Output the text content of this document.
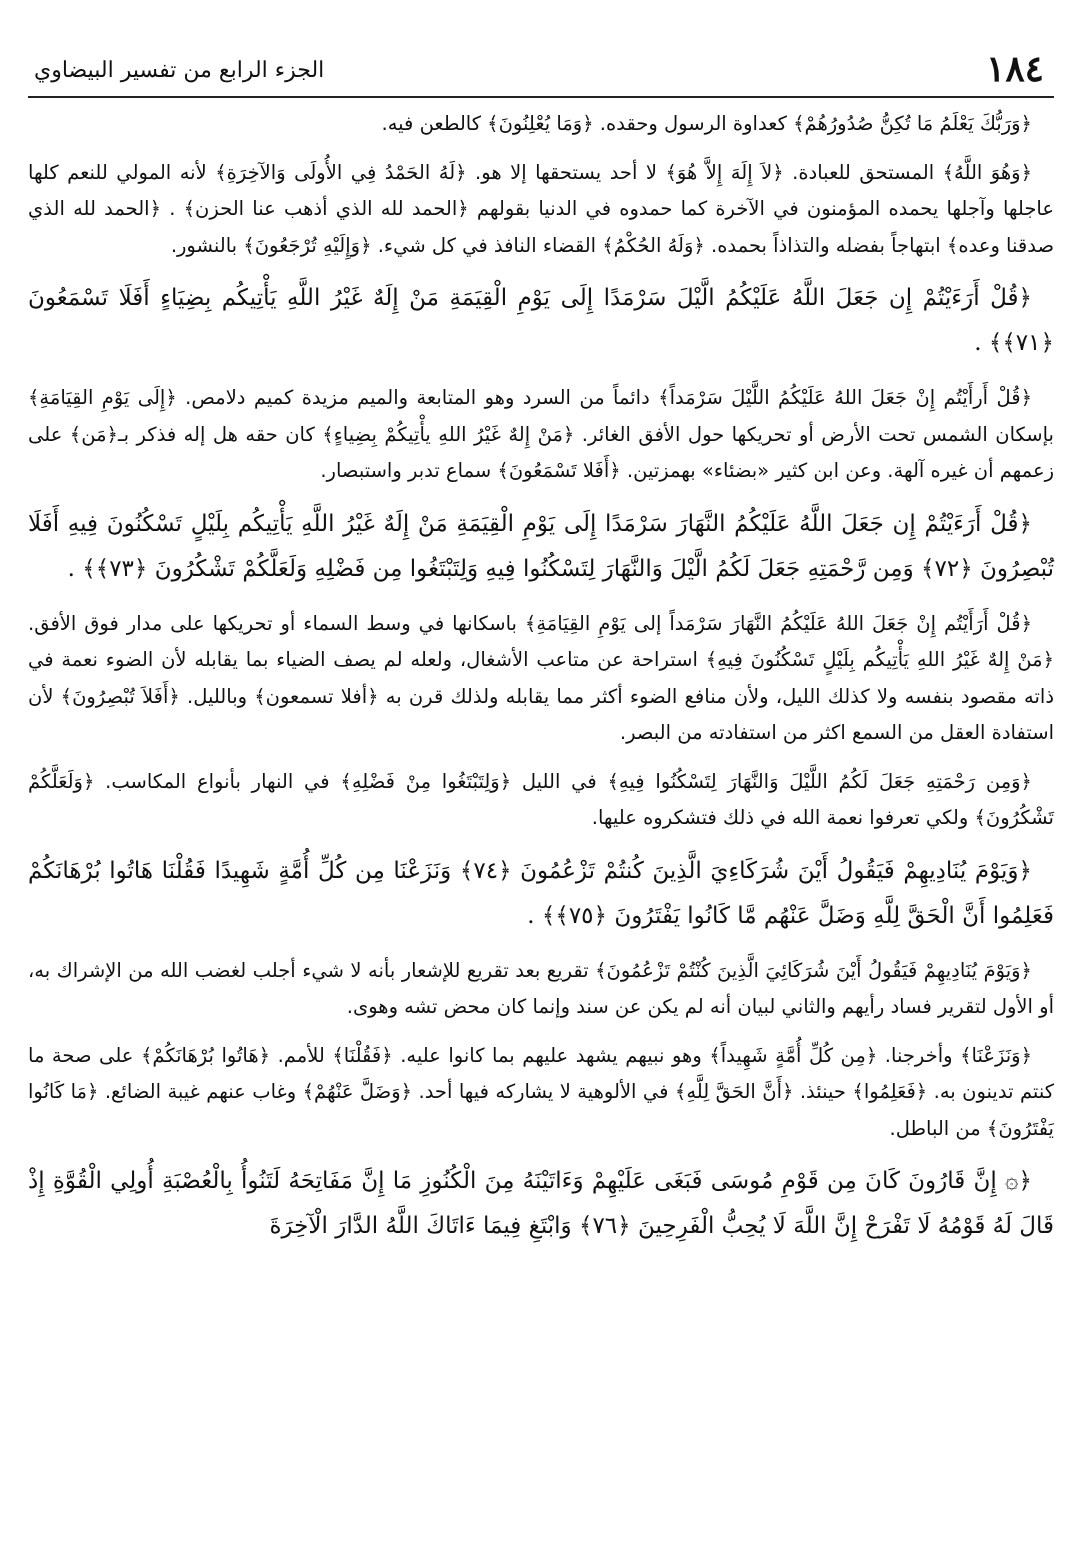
١٨٤
الجزء الرابع من تفسير البيضاوي

﴿وَرَبُّكَ يَعْلَمُ مَا تُكِنُّ صُدُورُهُمْ﴾ كعداوة الرسول وحقده. ﴿وَمَا يُعْلِنُونَ﴾ كالطعن فيه.

﴿وَهُوَ اللَّهُ﴾ المستحق للعبادة. ﴿لاَ إِلَهَ إِلاَّ هُوَ﴾ لا أحد يستحقها إلا هو. ﴿لَهُ الحَمْدُ فِي الأُولَى وَالآخِرَةِ﴾ لأنه المولي للنعم كلها عاجلها وآجلها يحمده المؤمنون في الآخرة كما حمدوه في الدنيا بقولهم ﴿الحمد لله الذي أذهب عنا الحزن﴾ . ﴿الحمد لله الذي صدقنا وعده﴾ ابتهاجاً بفضله والتذاذاً بحمده. ﴿وَلَهُ الحُكْمُ﴾ القضاء النافذ في كل شيء. ﴿وَإِلَيْهِ تُرْجَعُونَ﴾ بالنشور.

﴿قُلْ أَرَءَيْتُمْ إِن جَعَلَ اللَّهُ عَلَيْكُمُ الَّيْلَ سَرْمَدًا إِلَى يَوْمِ الْقِيَمَةِ مَنْ إِلَهٌ غَيْرُ اللَّهِ يَأْتِيكُم بِضِيَاءٍ أَفَلَا تَسْمَعُونَ ﴿٧١﴾﴾ .

﴿قُلْ أَرأَيْتُم إِنْ جَعَلَ اللهُ عَلَيْكُمُ اللَّيْلَ سَرْمَداً﴾ دائماً من السرد وهو المتابعة والميم مزيدة كميم دلامص. ﴿إِلَى يَوْمِ القِيَامَةِ﴾ بإسكان الشمس تحت الأرض أو تحريكها حول الأفق الغائر. ﴿مَنْ إِلهٌ غَيْرُ اللهِ يأْتِيكُمْ بِضِياءٍ﴾ كان حقه هل إله فذكر بـ﴿مَن﴾ على زعمهم أن غيره آلهة. وعن ابن كثير «بضئاء» بهمزتين. ﴿أَفَلا تَسْمَعُونَ﴾ سماع تدبر واستبصار.

﴿قُلْ أَرَءَيْتُمْ إِن جَعَلَ اللَّهُ عَلَيْكُمُ النَّهَارَ سَرْمَدًا إِلَى يَوْمِ الْقِيَمَةِ مَنْ إِلَهٌ غَيْرُ اللَّهِ يَأْتِيكُم بِلَيْلٍ تَسْكُنُونَ فِيهِ أَفَلَا تُبْصِرُونَ ﴿٧٢﴾ وَمِن رَّحْمَتِهِ جَعَلَ لَكُمُ الَّيْلَ وَالنَّهَارَ لِتَسْكُنُوا فِيهِ وَلِتَبْتَغُوا مِن فَضْلِهِ وَلَعَلَّكُمْ تَشْكُرُونَ ﴿٧٣﴾﴾ .

﴿قُلْ أَرَأَيْتُم إِنْ جَعَلَ اللهُ عَلَيْكُمُ النَّهَارَ سَرْمَداً إلى يَوْمِ القِيَامَةِ﴾ باسكانها في وسط السماء أو تحريكها على مدار فوق الأفق. ﴿مَنْ إِلهٌ غَيْرُ اللهِ يَأْتِيكُم بِلَيْلٍ تَسْكُنُونَ فِيهِ﴾ استراحة عن متاعب الأشغال، ولعله لم يصف الضياء بما يقابله لأن الضوء نعمة في ذاته مقصود بنفسه ولا كذلك الليل، ولأن منافع الضوء أكثر مما يقابله ولذلك قرن به ﴿أفلا تسمعون﴾ وبالليل. ﴿أَفَلاَ تُبْصِرُونَ﴾ لأن استفادة العقل من السمع اكثر من استفادته من البصر.

﴿وَمِن رَحْمَتِهِ جَعَلَ لَكُمُ اللَّيْلَ وَالنَّهَارَ لِتَسْكُنُوا فِيهِ﴾ في الليل ﴿وَلِتَبْتَغُوا مِنْ فَضْلِهِ﴾ في النهار بأنواع المكاسب. ﴿وَلَعَلَّكُمْ تَشْكُرُونَ﴾ ولكي تعرفوا نعمة الله في ذلك فتشكروه عليها.

﴿وَيَوْمَ يُنَادِيهِمْ فَيَقُولُ أَيْنَ شُرَكَاءِيَ الَّذِينَ كُنتُمْ تَزْعُمُونَ ﴿٧٤﴾ وَنَزَعْنَا مِن كُلِّ أُمَّةٍ شَهِيدًا فَقُلْنَا هَاتُوا بُرْهَانَكُمْ فَعَلِمُوا أَنَّ الْحَقَّ لِلَّهِ وَضَلَّ عَنْهُم مَّا كَانُوا يَفْتَرُونَ ﴿٧٥﴾﴾ .

﴿وَيَوْمَ يُنَادِيهِمْ فَيَقُولُ أَيْنَ شُرَكَائِيَ الَّذِينَ كُنْتُمْ تَزْعُمُونَ﴾ تقريع بعد تقريع للإشعار بأنه لا شيء أجلب لغضب الله من الإشراك به، أو الأول لتقرير فساد رأيهم والثاني لبيان أنه لم يكن عن سند وإنما كان محض تشه وهوى.

﴿وَنَزَعْنَا﴾ وأخرجنا. ﴿مِن كُلِّ أُمَّةٍ شَهِيداً﴾ وهو نبيهم يشهد عليهم بما كانوا عليه. ﴿فَقُلْنَا﴾ للأمم. ﴿هَاتُوا بُرْهَانَكُمْ﴾ على صحة ما كنتم تدينون به. ﴿فَعَلِمُوا﴾ حينئذ. ﴿أَنَّ الحَقَّ لِلَّهِ﴾ في الألوهية لا يشاركه فيها أحد. ﴿وَضَلَّ عَنْهُمْ﴾ وغاب عنهم غيبة الضائع. ﴿مَا كَانُوا يَفْتَرُونَ﴾ من الباطل.

﴿۞ إِنَّ قَارُونَ كَانَ مِن قَوْمِ مُوسَى فَبَغَى عَلَيْهِمْ وَءَاتَيْنَهُ مِنَ الْكُنُوزِ مَا إِنَّ مَفَاتِحَهُ لَتَنُوأُ بِالْعُصْبَةِ أُولِي الْقُوَّةِ إِذْ قَالَ لَهُ قَوْمُهُ لَا تَفْرَحْ إِنَّ اللَّهَ لَا يُحِبُّ الْفَرِحِينَ ﴿٧٦﴾ وَابْتَغِ فِيمَا ءَاتَاكَ اللَّهُ الدَّارَ الْآخِرَةَ
